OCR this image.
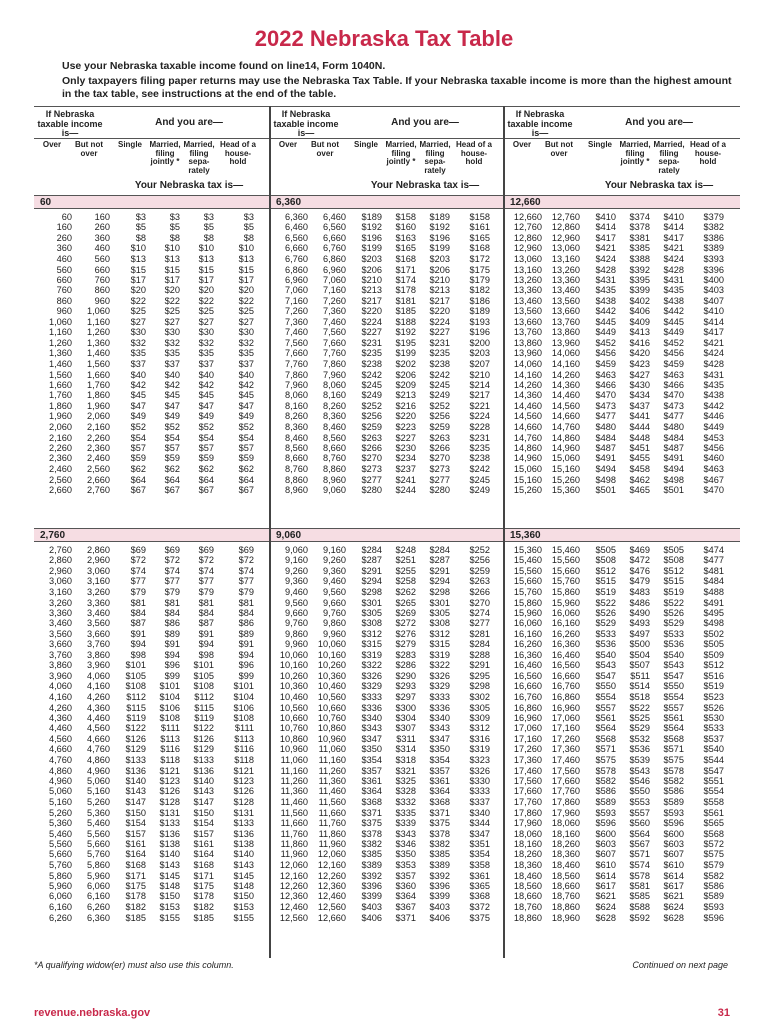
2022 Nebraska Tax Table

Use your Nebraska taxable income found on line14, Form 1040N.

Only taxpayers filing paper returns may use the Nebraska Tax Table. If your Nebraska taxable income is more than the highest amount in the tax table, see instructions at the end of the table.

If Nebraska taxable income is—
And you are—
Over	But not over
Single Married, filing jointly *
Married, filing sepa- rately
Head of a house- hold
Your Nebraska tax is—
60
60 160	$3	$3	$3	$3
160 260	$5	$5	$5	$5
260 360	$8	$8	$8	$8
360 460 $10 $10 $10	$10
460 560 $13 $13 $13	$13
560 660 $15 $15 $15	$15
660 760 $17 $17 $17	$17
760 860 $20 $20 $20	$20
860 960 $22 $22 $22	$22
960 1,060 $25 $25 $25	$25
1,060 1,160 $27 $27 $27	$27
1,160 1,260 $30 $30 $30	$30
1,260 1,360 $32 $32 $32	$32
1,360 1,460 $35 $35 $35	$35
1,460 1,560 $37 $37 $37	$37
1,560 1,660 $40 $40 $40	$40
1,660 1,760 $42 $42 $42	$42
1,760 1,860 $45 $45 $45	$45
1,860 1,960 $47 $47 $47	$47
1,960 2,060 $49 $49 $49	$49
2,060 2,160 $52 $52 $52	$52
2,160 2,260 $54 $54 $54	$54
2,260 2,360 $57 $57 $57	$57
2,360 2,460 $59 $59 $59	$59
2,460 2,560 $62 $62 $62	$62
2,560 2,660 $64 $64 $64	$64
2,660 2,760 $67 $67 $67	$67
2,760
2,760 2,860 $69 $69 $69	$69
2,860 2,960 $72 $72 $72	$72
2,960 3,060 $74 $74 $74	$74
3,060 3,160 $77 $77 $77	$77
3,160 3,260 $79 $79 $79	$79
3,260 3,360 $81 $81 $81	$81
3,360 3,460 $84 $84 $84	$84
3,460 3,560 $87 $86 $87	$86
3,560 3,660 $91 $89 $91	$89
3,660 3,760 $94 $91 $94	$91
3,760 3,860 $98 $94 $98	$94
3,860 3,960 $101 $96 $101	$96
3,960 4,060 $105 $99 $105	$99
4,060 4,160 $108 $101 $108 $101
4,160 4,260 $112 $104 $112 $104
4,260 4,360 $115 $106 $115 $106
4,360 4,460 $119 $108 $119 $108
4,460 4,560 $122 $111 $122 $111
4,560 4,660 $126 $113 $126 $113
4,660 4,760 $129 $116 $129 $116
4,760 4,860 $133 $118 $133 $118
4,860 4,960 $136 $121 $136 $121
4,960 5,060 $140 $123 $140 $123
5,060 5,160 $143 $126 $143 $126
5,160 5,260 $147 $128 $147 $128
5,260 5,360 $150 $131 $150 $131
5,360 5,460 $154 $133 $154 $133
5,460 5,560 $157 $136 $157 $136
5,560 5,660 $161 $138 $161 $138
5,660 5,760 $164 $140 $164 $140
5,760 5,860 $168 $143 $168 $143
5,860 5,960 $171 $145 $171 $145
5,960 6,060 $175 $148 $175 $148
6,060 6,160 $178 $150 $178 $150
6,160 6,260 $182 $153 $182 $153
6,260 6,360 $185 $155 $185 $155
If Nebraska taxable income is—
And you are—
Over	But not over
Single Married, filing jointly *
Married, filing sepa- rately
Head of a house- hold
Your Nebraska tax is—
6,360
6,360 6,460 $189 $158 $189 $158
6,460 6,560 $192 $160 $192 $161
6,560 6,660 $196 $163 $196 $165
6,660 6,760 $199 $165 $199 $168
6,760 6,860 $203 $168 $203 $172
6,860 6,960 $206 $171 $206 $175
6,960 7,060 $210 $174 $210 $179
7,060 7,160 $213 $178 $213 $182
7,160 7,260 $217 $181 $217 $186
7,260 7,360 $220 $185 $220 $189
7,360 7,460 $224 $188 $224 $193
7,460 7,560 $227 $192 $227 $196
7,560 7,660 $231 $195 $231 $200
7,660 7,760 $235 $199 $235 $203
7,760 7,860 $238 $202 $238 $207
7,860 7,960 $242 $206 $242 $210
7,960 8,060 $245 $209 $245 $214
8,060 8,160 $249 $213 $249 $217
8,160 8,260 $252 $216 $252 $221
8,260 8,360 $256 $220 $256 $224
8,360 8,460 $259 $223 $259 $228
8,460 8,560 $263 $227 $263 $231
8,560 8,660 $266 $230 $266 $235
8,660 8,760 $270 $234 $270 $238
8,760 8,860 $273 $237 $273 $242
8,860 8,960 $277 $241 $277 $245
8,960 9,060 $280 $244 $280 $249
9,060
9,060 9,160 $284 $248 $284 $252
9,160 9,260 $287 $251 $287 $256
9,260 9,360 $291 $255 $291 $259
9,360 9,460 $294 $258 $294 $263
9,460 9,560 $298 $262 $298 $266
9,560 9,660 $301 $265 $301 $270
9,660 9,760 $305 $269 $305 $274
9,760 9,860 $308 $272 $308 $277
9,860 9,960 $312 $276 $312 $281
9,960 10,060 $315 $279 $315 $284
10,060 10,160 $319 $283 $319 $288
10,160 10,260 $322 $286 $322 $291
10,260 10,360 $326 $290 $326 $295
10,360 10,460 $329 $293 $329 $298
10,460 10,560 $333 $297 $333 $302
10,560 10,660 $336 $300 $336 $305
10,660 10,760 $340 $304 $340 $309
10,760 10,860 $343 $307 $343 $312
10,860 10,960 $347 $311 $347 $316
10,960 11,060 $350 $314 $350 $319
11,060 11,160 $354 $318 $354 $323
11,160 11,260 $357 $321 $357 $326
11,260 11,360 $361 $325 $361 $330
11,360 11,460 $364 $328 $364 $333
11,460 11,560 $368 $332 $368 $337
11,560 11,660 $371 $335 $371 $340
11,660 11,760 $375 $339 $375 $344
11,760 11,860 $378 $343 $378 $347
11,860 11,960 $382 $346 $382 $351
11,960 12,060 $385 $350 $385 $354
12,060 12,160 $389 $353 $389 $358
12,160 12,260 $392 $357 $392 $361
12,260 12,360 $396 $360 $396 $365
12,360 12,460 $399 $364 $399 $368
12,460 12,560 $403 $367 $403 $372
12,560 12,660 $406 $371 $406 $375
If Nebraska taxable income is—
And you are—
Over	But not over
Single Married, filing jointly *
Married, filing sepa- rately
Head of a house- hold
Your Nebraska tax is—
12,660
12,660 12,760 $410 $374 $410 $379
12,760 12,860 $414 $378 $414 $382
12,860 12,960 $417 $381 $417 $386
12,960 13,060 $421 $385 $421 $389
13,060 13,160 $424 $388 $424 $393
13,160 13,260 $428 $392 $428 $396
13,260 13,360 $431 $395 $431 $400
13,360 13,460 $435 $399 $435 $403
13,460 13,560 $438 $402 $438 $407
13,560 13,660 $442 $406 $442 $410
13,660 13,760 $445 $409 $445 $414
13,760 13,860 $449 $413 $449 $417
13,860 13,960 $452 $416 $452 $421
13,960 14,060 $456 $420 $456 $424
14,060 14,160 $459 $423 $459 $428
14,160 14,260 $463 $427 $463 $431
14,260 14,360 $466 $430 $466 $435
14,360 14,460 $470 $434 $470 $438
14,460 14,560 $473 $437 $473 $442
14,560 14,660 $477 $441 $477 $446
14,660 14,760 $480 $444 $480 $449
14,760 14,860 $484 $448 $484 $453
14,860 14,960 $487 $451 $487 $456
14,960 15,060 $491 $455 $491 $460
15,060 15,160 $494 $458 $494 $463
15,160 15,260 $498 $462 $498 $467
15,260 15,360 $501 $465 $501 $470
15,360
15,360 15,460 $505 $469 $505 $474
15,460 15,560 $508 $472 $508 $477
15,560 15,660 $512 $476 $512 $481
15,660 15,760 $515 $479 $515 $484
15,760 15,860 $519 $483 $519 $488
15,860 15,960 $522 $486 $522 $491
15,960 16,060 $526 $490 $526 $495
16,060 16,160 $529 $493 $529 $498
16,160 16,260 $533 $497 $533 $502
16,260 16,360 $536 $500 $536 $505
16,360 16,460 $540 $504 $540 $509
16,460 16,560 $543 $507 $543 $512
16,560 16,660 $547 $511 $547 $516
16,660 16,760 $550 $514 $550 $519
16,760 16,860 $554 $518 $554 $523
16,860 16,960 $557 $522 $557 $526
16,960 17,060 $561 $525 $561 $530
17,060 17,160 $564 $529 $564 $533
17,160 17,260 $568 $532 $568 $537
17,260 17,360 $571 $536 $571 $540
17,360 17,460 $575 $539 $575 $544
17,460 17,560 $578 $543 $578 $547
17,560 17,660 $582 $546 $582 $551
17,660 17,760 $586 $550 $586 $554
17,760 17,860 $589 $553 $589 $558
17,860 17,960 $593 $557 $593 $561
17,960 18,060 $596 $560 $596 $565
18,060 18,160 $600 $564 $600 $568
18,160 18,260 $603 $567 $603 $572
18,260 18,360 $607 $571 $607 $575
18,360 18,460 $610 $574 $610 $579
18,460 18,560 $614 $578 $614 $582
18,560 18,660 $617 $581 $617 $586
18,660 18,760 $621 $585 $621 $589
18,760 18,860 $624 $588 $624 $593
18,860 18,960 $628 $592 $628 $596
*A qualifying widow(er) must also use this column.	Continued on next page
revenue.nebraska.gov	31
